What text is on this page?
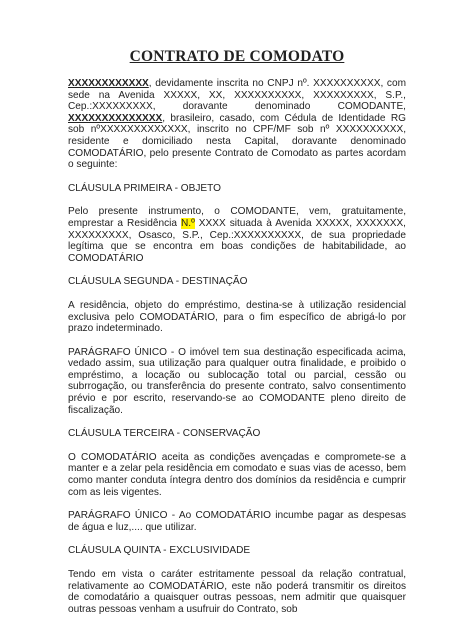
CONTRATO DE COMODATO
XXXXXXXXXXXX, devidamente inscrita no CNPJ nº. XXXXXXXXXX, com sede na Avenida XXXXX, XX, XXXXXXXXXX, XXXXXXXXX, S.P., Cep.:XXXXXXXXX, doravante denominado COMODANTE, XXXXXXXXXXXXXX, brasileiro, casado, com Cédula de Identidade RG sob nºXXXXXXXXXXXXX, inscrito no CPF/MF sob nº XXXXXXXXXX, residente e domiciliado nesta Capital, doravante denominado COMODATÁRIO, pelo presente Contrato de Comodato as partes acordam o seguinte:
CLÁUSULA PRIMEIRA - OBJETO
Pelo presente instrumento, o COMODANTE, vem, gratuitamente, emprestar a Residência N.º XXXX situada à Avenida XXXXX, XXXXXXX, XXXXXXXXX, Osasco, S.P., Cep.:XXXXXXXXXX, de sua propriedade legítima que se encontra em boas condições de habitabilidade, ao COMODATÁRIO
CLÁUSULA SEGUNDA - DESTINAÇÃO
A residência, objeto do empréstimo, destina-se à utilização residencial exclusiva pelo COMODATÁRIO, para o fim específico de abrigá-lo por prazo indeterminado.
PARÁGRAFO ÚNICO - O imóvel tem sua destinação especificada acima, vedado assim, sua utilização para qualquer outra finalidade, e proibido o empréstimo, a locação ou sublocação total ou parcial, cessão ou subrrogação, ou transferência do presente contrato, salvo consentimento prévio e por escrito, reservando-se ao COMODANTE pleno direito de fiscalização.
CLÁUSULA TERCEIRA - CONSERVAÇÃO
O COMODATÁRIO aceita as condições avençadas e compromete-se a manter e a zelar pela residência em comodato e suas vias de acesso, bem como manter conduta íntegra dentro dos domínios da residência e cumprir com as leis vigentes.
PARÁGRAFO ÚNICO - Ao COMODATÁRIO incumbe pagar as despesas de água e luz,.... que utilizar.
CLÁUSULA QUINTA - EXCLUSIVIDADE
Tendo em vista o caráter estritamente pessoal da relação contratual, relativamente ao COMODATÁRIO, este não poderá transmitir os direitos de comodatário a quaisquer outras pessoas, nem admitir que quaisquer outras pessoas venham a usufruir do Contrato, sob
